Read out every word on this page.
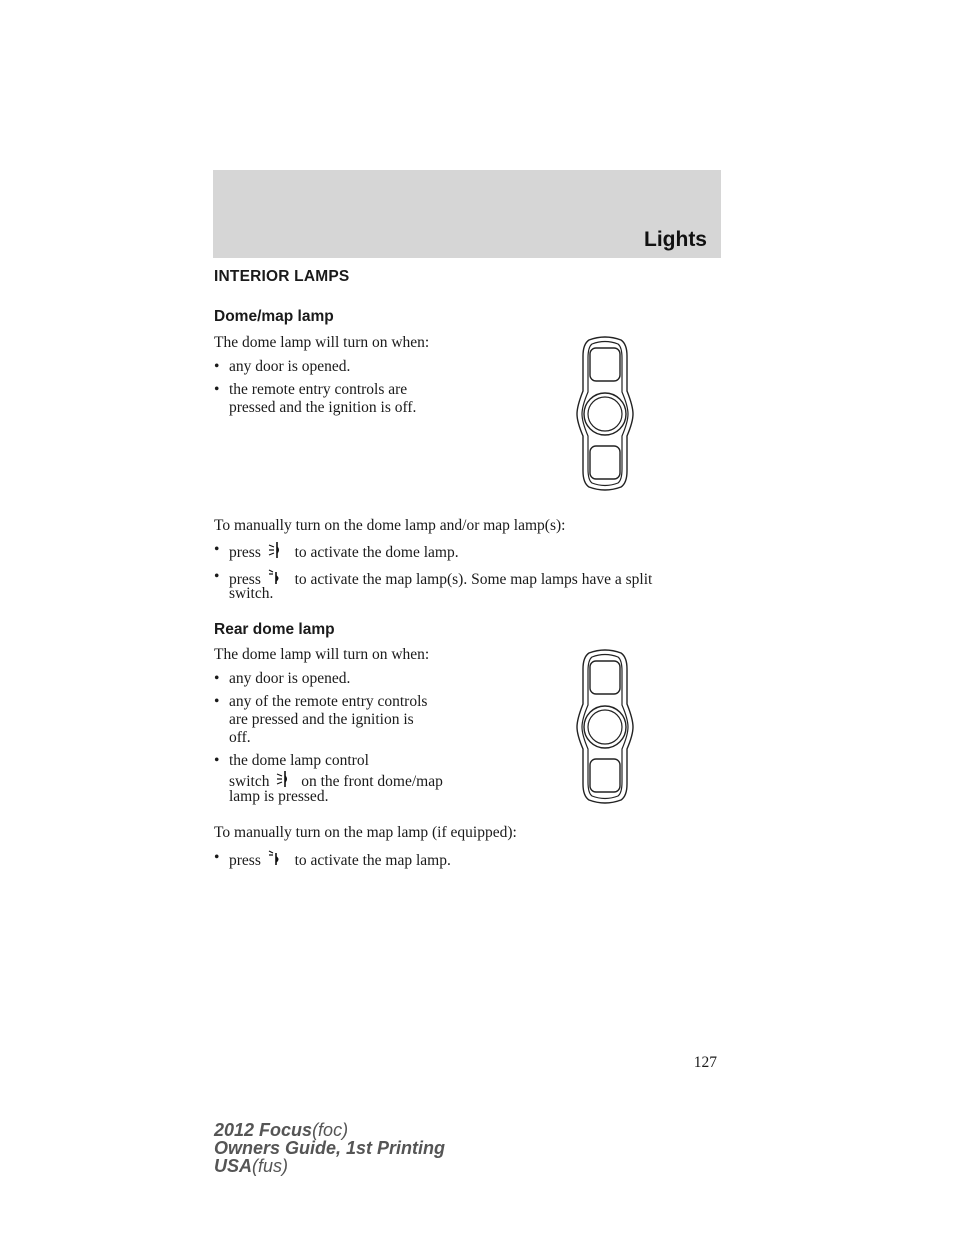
Lights
INTERIOR LAMPS
Dome/map lamp
The dome lamp will turn on when:
• any door is opened.
• the remote entry controls are
pressed and the ignition is off.
To manually turn on the dome lamp and/or map lamp(s):
• press to activate the dome lamp.
• press to activate the map lamp(s). Some map lamps have a split
switch.
Rear dome lamp
The dome lamp will turn on when:
• any door is opened.
• any of the remote entry controls
are pressed and the ignition is
off.
• the dome lamp control
switch on the front dome/map
lamp is pressed.
To manually turn on the map lamp (if equipped):
• press to activate the map lamp.
127
2012 Focus(foc)
Owners Guide, 1st Printing
USA(fus)
